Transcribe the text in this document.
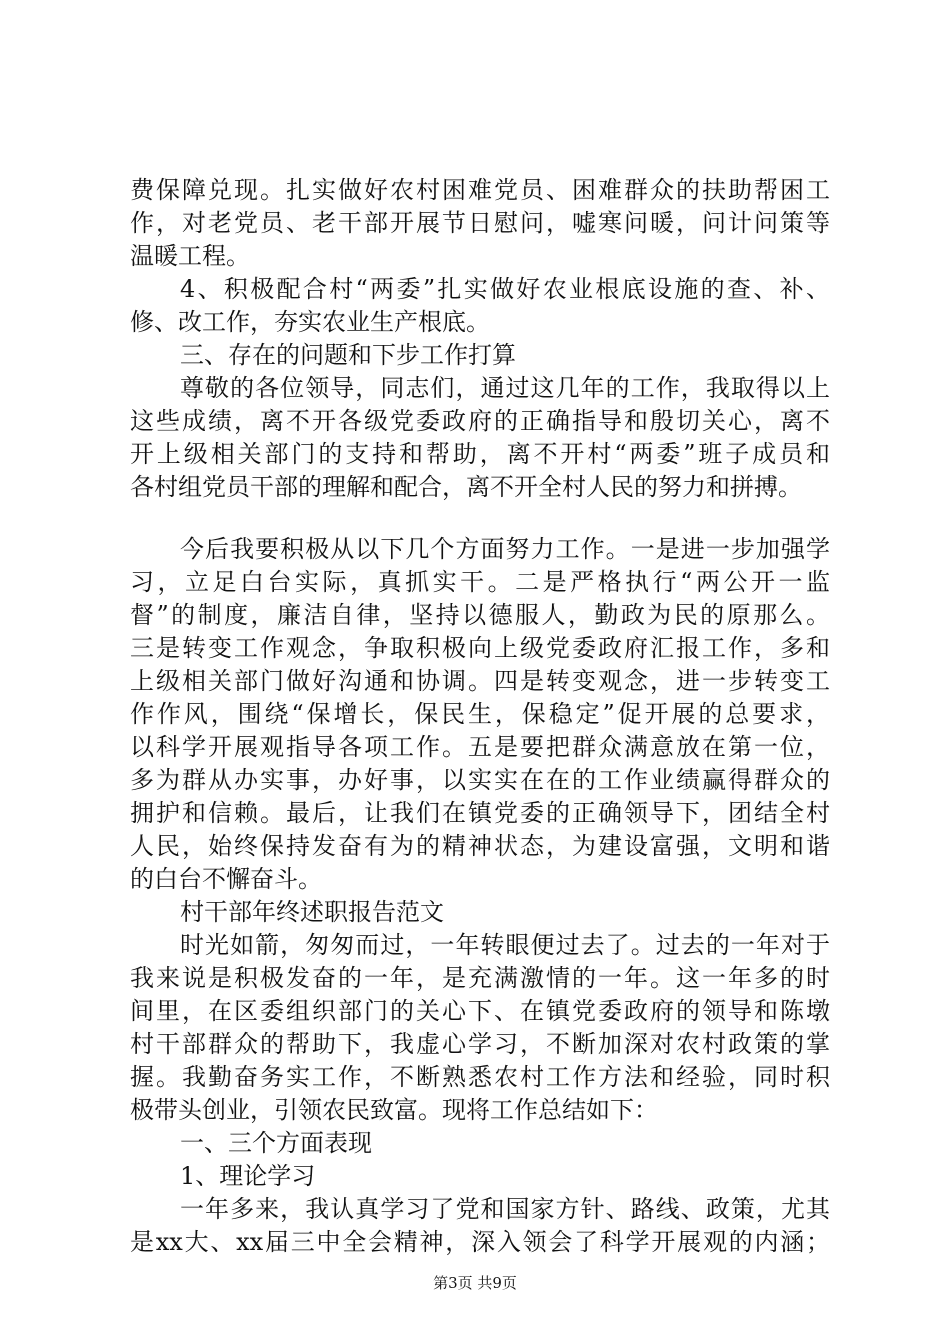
费保障兑现。扎实做好农村困难党员、困难群众的扶助帮困工
作，对老党员、老干部开展节日慰问，嘘寒问暖，问计问策等
温暖工程。
4、积极配合村“两委”扎实做好农业根底设施的查、补、
修、改工作，夯实农业生产根底。
三、存在的问题和下步工作打算
尊敬的各位领导，同志们，通过这几年的工作，我取得以上
这些成绩，离不开各级党委政府的正确指导和殷切关心，离不
开上级相关部门的支持和帮助，离不开村“两委”班子成员和
各村组党员干部的理解和配合，离不开全村人民的努力和拼搏。
今后我要积极从以下几个方面努力工作。一是进一步加强学
习，立足白台实际，真抓实干。二是严格执行“两公开一监
督”的制度，廉洁自律，坚持以德服人，勤政为民的原那么。
三是转变工作观念，争取积极向上级党委政府汇报工作，多和
上级相关部门做好沟通和协调。四是转变观念，进一步转变工
作作风，围绕“保增长，保民生，保稳定”促开展的总要求，
以科学开展观指导各项工作。五是要把群众满意放在第一位，
多为群从办实事，办好事，以实实在在的工作业绩赢得群众的
拥护和信赖。最后，让我们在镇党委的正确领导下，团结全村
人民，始终保持发奋有为的精神状态，为建设富强，文明和谐
的白台不懈奋斗。
村干部年终述职报告范文
时光如箭，匆匆而过，一年转眼便过去了。过去的一年对于
我来说是积极发奋的一年，是充满激情的一年。这一年多的时
间里，在区委组织部门的关心下、在镇党委政府的领导和陈墩
村干部群众的帮助下，我虚心学习，不断加深对农村政策的掌
握。我勤奋务实工作，不断熟悉农村工作方法和经验，同时积
极带头创业，引领农民致富。现将工作总结如下：
一、三个方面表现
1、理论学习
一年多来，我认真学习了党和国家方针、路线、政策，尤其
是xx大、xx届三中全会精神，深入领会了科学开展观的内涵；
第3页 共9页
